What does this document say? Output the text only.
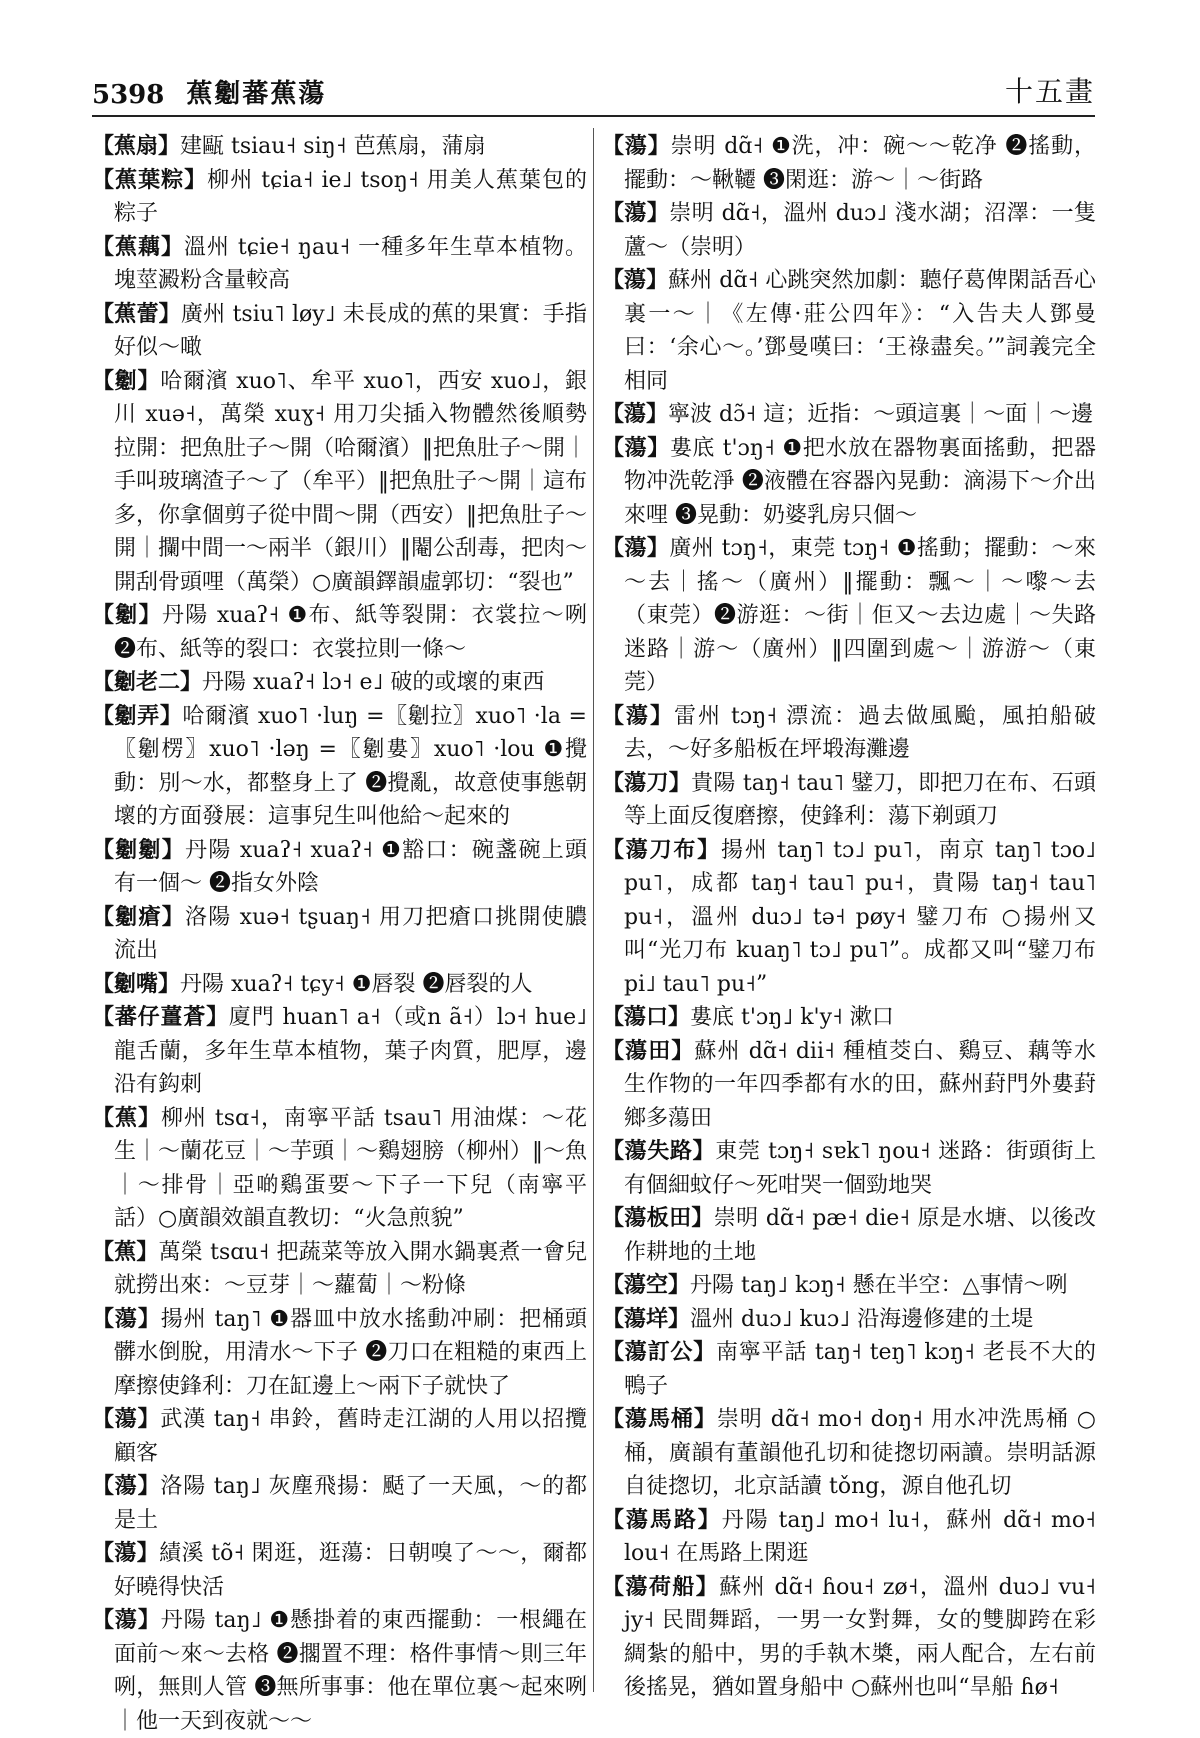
5398 蕉劖蕃蕉蕩	十五畫
【蕉扇】建甌 tsiau˧ siŋ˧ 芭蕉扇，蒲扇
【蕉葉粽】柳州 tɕia˧ ie˩ tsoŋ˧ 用美人蕉葉包的粽子
【蕉藕】溫州 tɕie˧ ŋau˧ 一種多年生草本植物。塊莖澱粉含量較高
【蕉蕾】廣州 tsiu˥ løy˩ 未長成的蕉的果實：手指好似～噉
【劖】哈爾濱 xuo˥、牟平 xuo˥，西安 xuo˩，銀川 xuə˧，萬榮 xuɣ˧ 用刀尖插入物體然後順勢拉開：把魚肚子～開（哈爾濱）‖把魚肚子～開｜手叫玻璃渣子～了（牟平）‖把魚肚子～開｜這布多，你拿個剪子從中間～開（西安）‖把魚肚子～開｜攔中間一～兩半（銀川）‖閹公刮毒，把肉～開刮骨頭哩（萬榮）○廣韻鐸韻虛郭切：“裂也”
【劖】丹陽 xuaʔ˧ ❶布、紙等裂開：衣裳拉～咧 ❷布、紙等的裂口：衣裳拉則一條～
【劖老二】丹陽 xuaʔ˧ lɔ˧ e˩ 破的或壞的東西
【劖弄】哈爾濱 xuo˥ ·luŋ =〖劖拉〗xuo˥ ·la =〖劖楞〗xuo˥ ·ləŋ =〖劖婁〗xuo˥ ·lou ❶攪動：別～水，都整身上了 ❷攪亂，故意使事態朝壞的方面發展：這事兒生叫他給～起來的
【劖劖】丹陽 xuaʔ˧ xuaʔ˧ ❶豁口：碗盞碗上頭有一個～ ❷指女外陰
【劖瘡】洛陽 xuə˧ tʂuaŋ˧ 用刀把瘡口挑開使膿流出
【劖嘴】丹陽 xuaʔ˧ tɕy˧ ❶唇裂 ❷唇裂的人
【蕃仔薑蒼】廈門 huan˥ a˧（或n ã˧）lɔ˧ hue˩ 龍舌蘭，多年生草本植物，葉子肉質，肥厚，邊沿有鈎刺
【蕉】柳州 tsɑ˧，南寧平話 tsau˥ 用油煤：～花生｜～蘭花豆｜～芋頭｜～鷄翅膀（柳州）‖～魚｜～排骨｜亞啲鷄蛋要～下子一下兒（南寧平話）○廣韻效韻直教切：“火急煎貌”
【蕉】萬榮 tsɑu˧ 把蔬菜等放入開水鍋裏煮一會兒就撈出來：～豆芽｜～蘿蔔｜～粉條
【蕩】揚州 taŋ˥ ❶器皿中放水搖動冲刷：把桶頭髒水倒脫，用清水～下子 ❷刀口在粗糙的東西上摩擦使鋒利：刀在缸邊上～兩下子就快了
【蕩】武漢 taŋ˧ 串鈴，舊時走江湖的人用以招攬顧客
【蕩】洛陽 taŋ˩ 灰塵飛揚：颳了一天風，～的都是土
【蕩】績溪 tõ˧ 閑逛，逛蕩：日朝嗅了～～，爾都好曉得快活
【蕩】丹陽 taŋ˩ ❶懸掛着的東西擺動：一根繩在面前～來～去格 ❷擱置不理：格件事情～則三年咧，無則人管 ❸無所事事：他在單位裏～起來咧｜他一天到夜就～～
【蕩】崇明 dɑ̃˧ ❶洗，冲：碗～～乾净 ❷搖動，擺動：～鞦韆 ❸閑逛：游～｜～街路
【蕩】崇明 dɑ̃˧，溫州 duɔ˩ 淺水湖；沼澤：一隻蘆～（崇明）
【蕩】蘇州 dɑ̃˧ 心跳突然加劇：聽仔葛俾閑話吾心裏一～｜《左傳·莊公四年》：“入告夫人鄧曼曰：‘余心～。’鄧曼嘆曰：‘王祿盡矣。’”詞義完全相同
【蕩】寧波 dɔ̃˧ 這；近指：～頭這裏｜～面｜～邊
【蕩】婁底 t'ɔŋ˧ ❶把水放在器物裏面搖動，把器物冲洗乾淨 ❷液體在容器內晃動：滴湯下～介出來哩 ❸晃動：奶婆乳房只個～
【蕩】廣州 tɔŋ˧，東莞 tɔŋ˧ ❶搖動；擺動：～來～去｜搖～（廣州）‖擺動：飄～｜～嚟～去（東莞）❷游逛：～街｜佢又～去边處｜～失路迷路｜游～（廣州）‖四圍到處～｜游游～（東莞）
【蕩】雷州 tɔŋ˧ 漂流：過去做風颱，風拍船破去，～好多船板在坪塅海灘邊
【蕩刀】貴陽 taŋ˧ tau˥ 鐾刀，即把刀在布、石頭等上面反復磨擦，使鋒利：蕩下剃頭刀
【蕩刀布】揚州 taŋ˥ tɔ˩ pu˥，南京 taŋ˥ tɔo˩ pu˥，成都 taŋ˧ tau˥ pu˧，貴陽 taŋ˧ tau˥ pu˧，溫州 duɔ˩ tə˧ pøy˧ 鐾刀布 ○揚州又叫“光刀布 kuaŋ˥ tɔ˩ pu˥”。成都又叫“鐾刀布 pi˩ tau˥ pu˧”
【蕩口】婁底 t'ɔŋ˩ k'y˧ 漱口
【蕩田】蘇州 dɑ̃˧ dii˧ 種植茭白、鷄豆、藕等水生作物的一年四季都有水的田，蘇州葑門外婁葑鄉多蕩田
【蕩失路】東莞 tɔŋ˧ sɐk˥ ŋou˧ 迷路：街頭街上有個細蚊仔～死咁哭一個勁地哭
【蕩板田】崇明 dɑ̃˧ pæ˧ die˧ 原是水塘、以後改作耕地的土地
【蕩空】丹陽 taŋ˩ kɔŋ˧ 懸在半空：△事情～咧
【蕩垟】溫州 duɔ˩ kuɔ˩ 沿海邊修建的土堤
【蕩訂公】南寧平話 taŋ˧ teŋ˥ kɔŋ˧ 老長不大的鴨子
【蕩馬桶】崇明 dɑ̃˧ mo˧ doŋ˧ 用水冲洗馬桶 ○桶，廣韻有董韻他孔切和徒揔切兩讀。崇明話源自徒揔切，北京話讀 tǒng，源自他孔切
【蕩馬路】丹陽 taŋ˩ mo˧ lu˧，蘇州 dɑ̃˧ mo˧ lou˧ 在馬路上閑逛
【蕩荷船】蘇州 dɑ̃˧ ɦou˧ zø˧，溫州 duɔ˩ vu˧ jy˧ 民間舞蹈，一男一女對舞，女的雙脚跨在彩綢紮的船中，男的手執木槳，兩人配合，左右前後搖晃，猶如置身船中 ○蘇州也叫“旱船 ɦø˧
